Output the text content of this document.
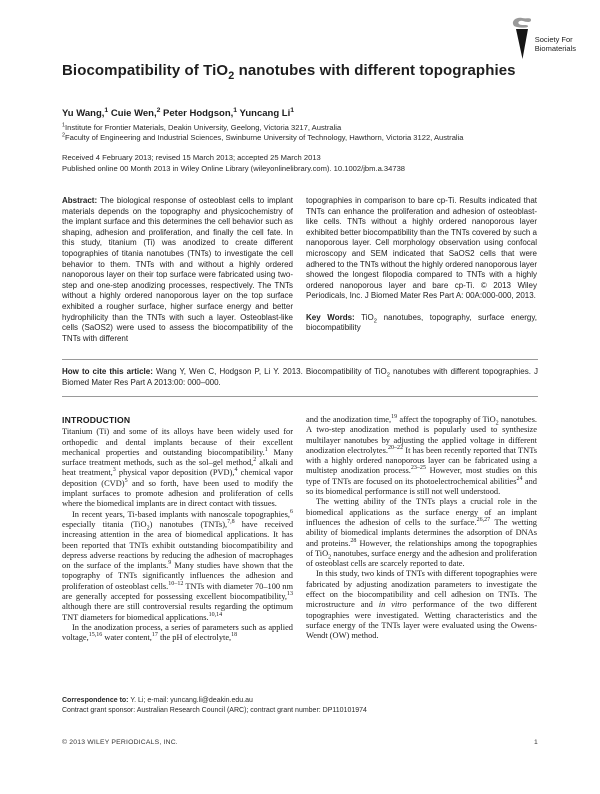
Society For
Biomaterials
Biocompatibility of TiO$_2$ nanotubes with different topographies
Yu Wang,$^1$ Cuie Wen,$^2$ Peter Hodgson,$^1$ Yuncang Li$^1$
$^1$Institute for Frontier Materials, Deakin University, Geelong, Victoria 3217, Australia
$^2$Faculty of Engineering and Industrial Sciences, Swinburne University of Technology, Hawthorn, Victoria 3122, Australia
Received 4 February 2013; revised 15 March 2013; accepted 25 March 2013
Published online 00 Month 2013 in Wiley Online Library (wileyonlinelibrary.com). 10.1002/jbm.a.34738

Abstract: The biological response of osteoblast cells to implant materials depends on the topography and physicochemistry of the implant surface and this determines the cell behavior such as shaping, adhesion and proliferation, and finally the cell fate. In this study, titanium (Ti) was anodized to create different topographies of titania nanotubes (TNTs) to investigate the cell behavior to them. TNTs with and without a highly ordered nanoporous layer on their top surface were fabricated using two-step and one-step anodizing processes, respectively. The TNTs without a highly ordered nanoporous layer on the top surface exhibited a rougher surface, higher surface energy and better hydrophilicity than the TNTs with such a layer. Osteoblast-like cells (SaOS2) were used to assess the biocompatibility of the TNTs with different

topographies in comparison to bare cp-Ti. Results indicated that TNTs can enhance the proliferation and adhesion of osteoblast-like cells. TNTs without a highly ordered nanoporous layer exhibited better biocompatibility than the TNTs covered by such a nanoporous layer. Cell morphology observation using confocal microscopy and SEM indicated that SaOS2 cells that were adhered to the TNTs without the highly ordered nanoporous layer showed the longest filopodia compared to TNTs with a highly ordered nanoporous layer and bare cp-Ti. © 2013 Wiley Periodicals, Inc. J Biomed Mater Res Part A: 00A:000-000, 2013.

Key Words: TiO$_2$ nanotubes, topography, surface energy, biocompatibility

How to cite this article: Wang Y, Wen C, Hodgson P, Li Y. 2013. Biocompatibility of TiO$_2$ nanotubes with different topographies. J Biomed Mater Res Part A 2013:00: 000–000.

INTRODUCTION

Titanium (Ti) and some of its alloys have been widely used for orthopedic and dental implants because of their excellent mechanical properties and outstanding biocompatibility.$^1$ Many surface treatment methods, such as the sol–gel method,$^2$ alkali and heat treatment,$^3$ physical vapor deposition (PVD),$^4$ chemical vapor deposition (CVD)$^5$ and so forth, have been used to modify the implant surfaces to promote adhesion and proliferation of cells where the biomedical implants are in direct contact with tissues.

In recent years, Ti-based implants with nanoscale topographies,$^6$ especially titania (TiO$_2$) nanotubes (TNTs),$^{7,8}$ have received increasing attention in the area of biomedical applications. It has been reported that TNTs exhibit outstanding biocompatibility and depress adverse reactions by reducing the adhesion of macrophages on the surface of the implants.$^9$ Many studies have shown that the topography of TNTs significantly influences the adhesion and proliferation of osteoblast cells.$^{10-12}$ TNTs with diameter 70–100 nm are generally accepted for possessing excellent biocompatibility,$^{13}$ although there are still controversial results regarding the optimum TNT diameters for biomedical applications.$^{10,14}$

In the anodization process, a series of parameters such as applied voltage,$^{15,16}$ water content,$^{17}$ the pH of electrolyte,$^{18}$

and the anodization time,$^{19}$ affect the topography of TiO$_2$ nanotubes. A two-step anodization method is popularly used to synthesize multilayer nanotubes by adjusting the applied voltage in different anodization electrolytes.$^{20-22}$ It has been recently reported that TNTs with a highly ordered nanoporous layer can be fabricated using a multistep anodization process.$^{23-25}$ However, most studies on this type of TNTs are focused on its photoelectrochemical abilities$^{24}$ and so its biomedical performance is still not well understood.

The wetting ability of the TNTs plays a crucial role in the biomedical applications as the surface energy of an implant influences the adhesion of cells to the surface.$^{26,27}$ The wetting ability of biomedical implants determines the adsorption of DNAs and proteins.$^{28}$ However, the relationships among the topographies of TiO$_2$ nanotubes, surface energy and the adhesion and proliferation of osteoblast cells are scarcely reported to date.

In this study, two kinds of TNTs with different topographies were fabricated by adjusting anodization parameters to investigate the effect on the biocompatibility and cell adhesion on TNTs. The microstructure and in vitro performance of the two different topographies were investigated. Wetting characteristics and the surface energy of the TNTs layer were evaluated using the Owens-Wendt (OW) method.

Correspondence to: Y. Li; e-mail: yuncang.li@deakin.edu.au

Contract grant sponsor: Australian Research Council (ARC); contract grant number: DP110101974

© 2013 WILEY PERIODICALS, INC.	1
